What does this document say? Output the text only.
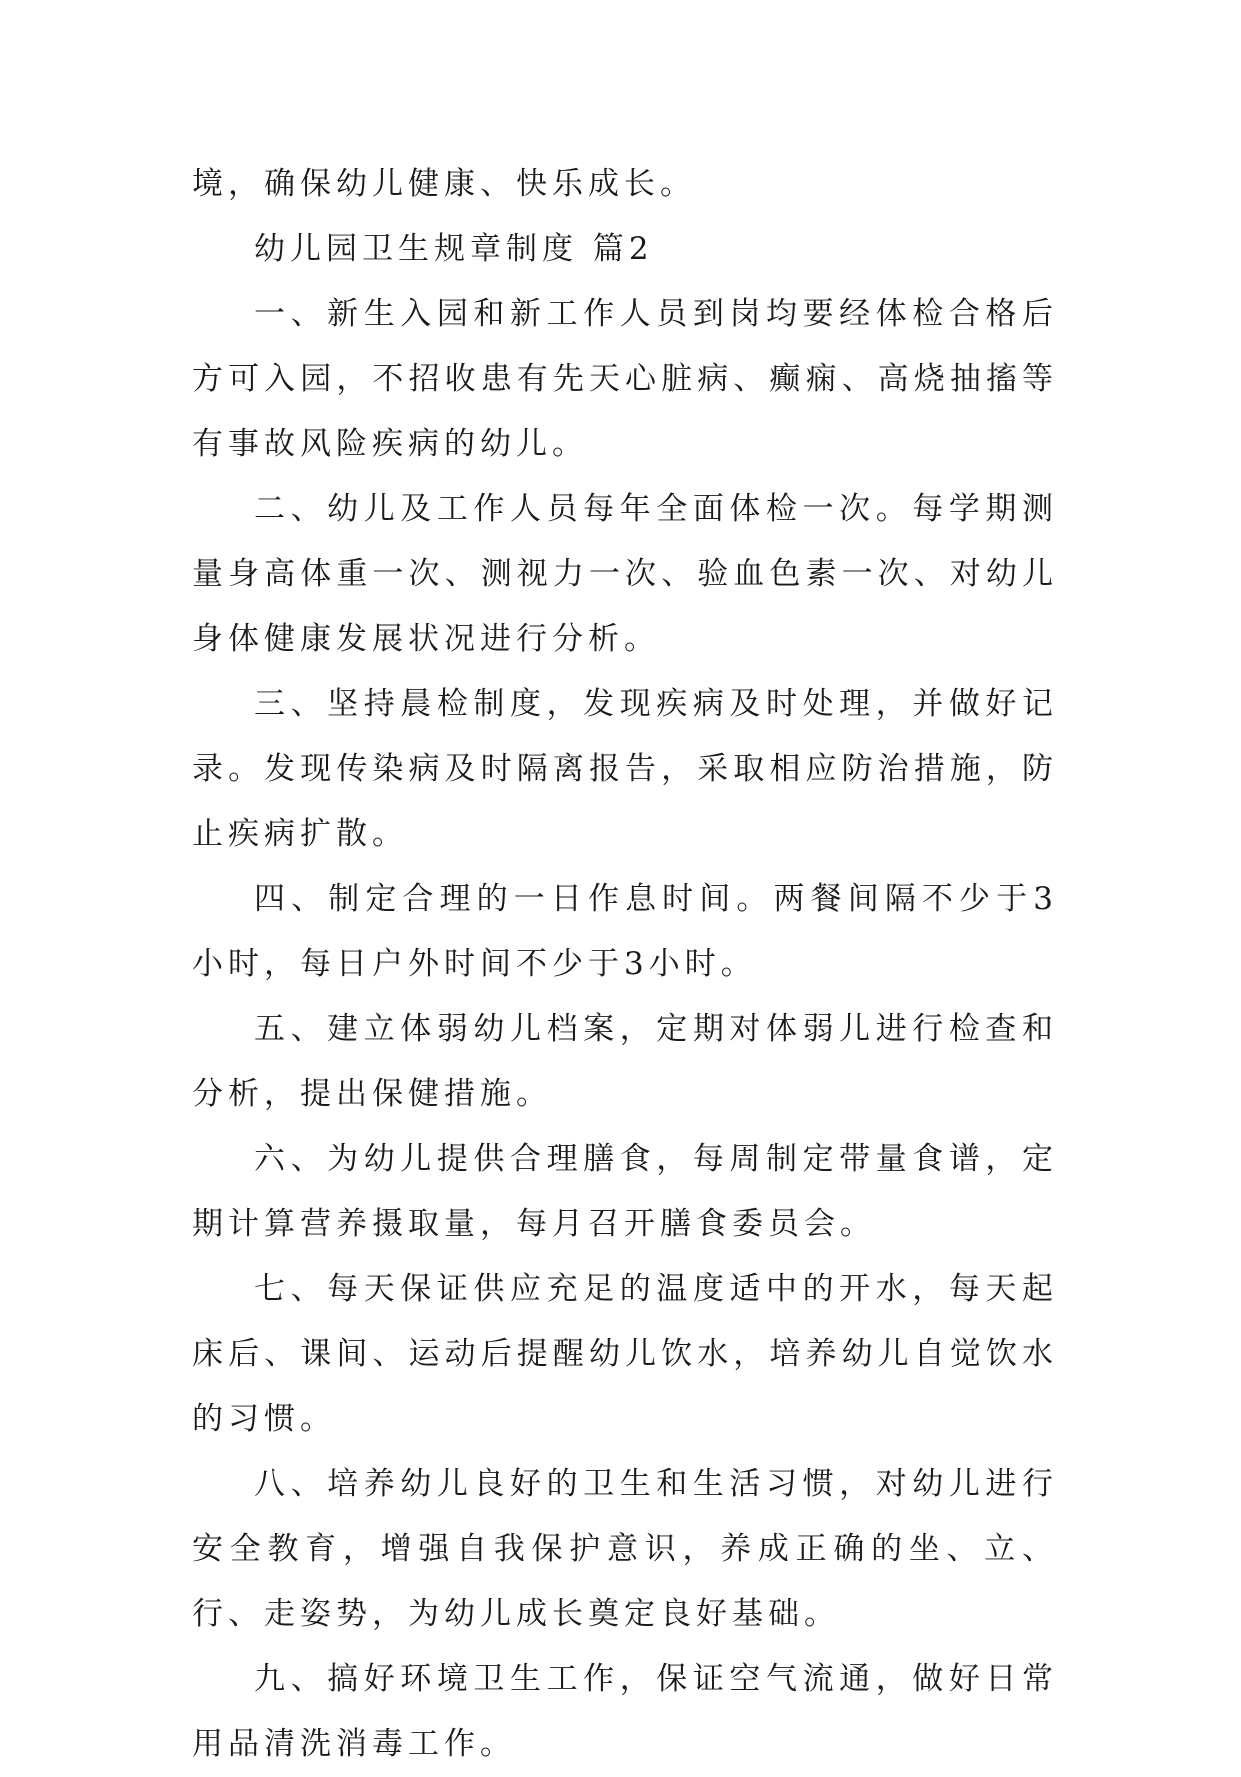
境，确保幼儿健康、快乐成长。

幼儿园卫生规章制度 篇2

一、新生入园和新工作人员到岗均要经体检合格后方可入园，不招收患有先天心脏病、癫痫、高烧抽搐等有事故风险疾病的幼儿。

二、幼儿及工作人员每年全面体检一次。每学期测量身高体重一次、测视力一次、验血色素一次、对幼儿身体健康发展状况进行分析。

三、坚持晨检制度，发现疾病及时处理，并做好记录。发现传染病及时隔离报告，采取相应防治措施，防止疾病扩散。

四、制定合理的一日作息时间。两餐间隔不少于3小时，每日户外时间不少于3小时。

五、建立体弱幼儿档案，定期对体弱儿进行检查和分析，提出保健措施。

六、为幼儿提供合理膳食，每周制定带量食谱，定期计算营养摄取量，每月召开膳食委员会。

七、每天保证供应充足的温度适中的开水，每天起床后、课间、运动后提醒幼儿饮水，培养幼儿自觉饮水的习惯。

八、培养幼儿良好的卫生和生活习惯，对幼儿进行安全教育，增强自我保护意识，养成正确的坐、立、行、走姿势，为幼儿成长奠定良好基础。

九、搞好环境卫生工作，保证空气流通，做好日常用品清洗消毒工作。
